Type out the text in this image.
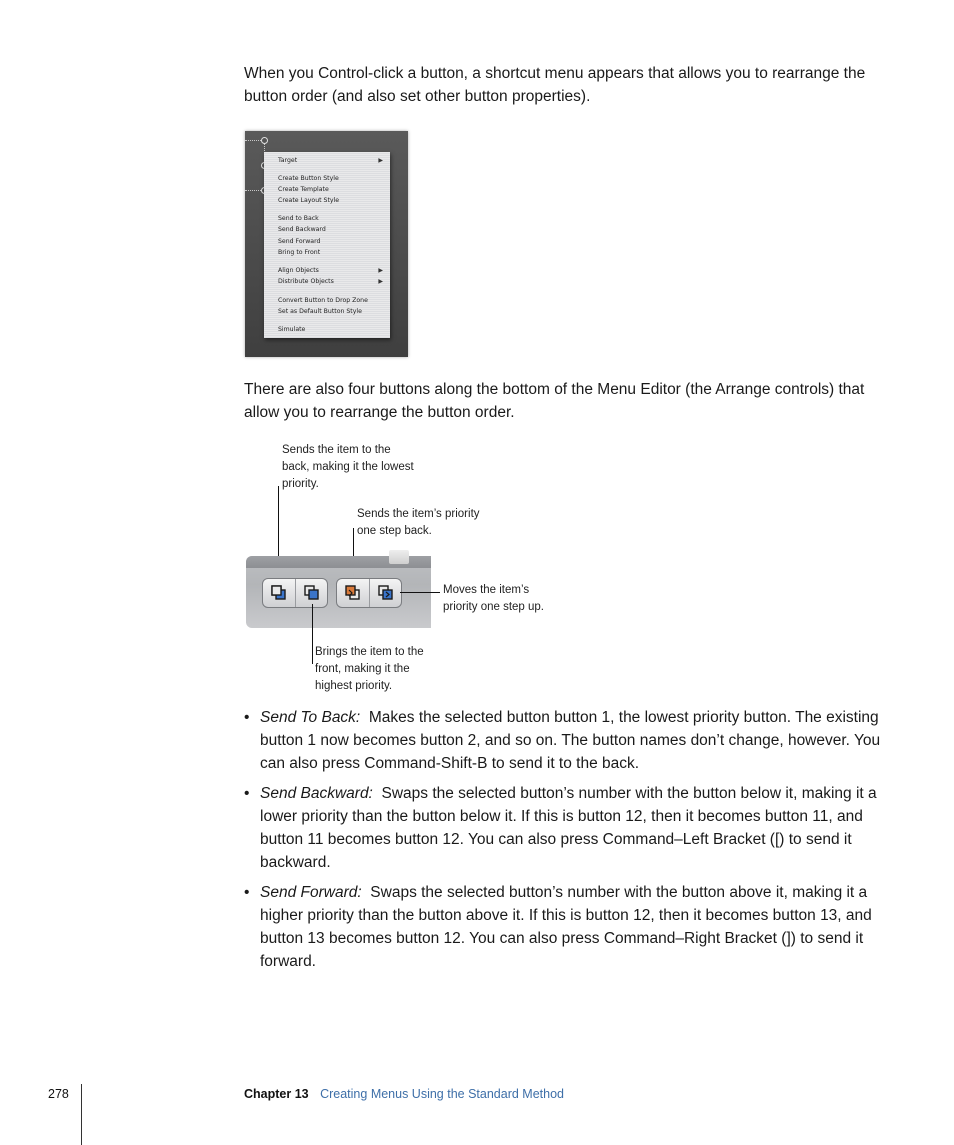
When you Control-click a button, a shortcut menu appears that allows you to rearrange the button order (and also set other button properties).

Target	▶
Create Button Style
Create Template
Create Layout Style
Send to Back
Send Backward
Send Forward
Bring to Front
Align Objects	▶
Distribute Objects	▶
Convert Button to Drop Zone
Set as Default Button Style
Simulate

There are also four buttons along the bottom of the Menu Editor (the Arrange controls) that allow you to rearrange the button order.

Sends the item to the
back, making it the lowest
priority.
Sends the item’s priority
one step back.
Moves the item’s
priority one step up.
Brings the item to the
front, making it the
highest priority.
• Send To Back: Makes the selected button button 1, the lowest priority button. The existing button 1 now becomes button 2, and so on. The button names don’t change, however. You can also press Command-Shift-B to send it to the back.
• Send Backward: Swaps the selected button’s number with the button below it, making it a lower priority than the button below it. If this is button 12, then it becomes button 11, and button 11 becomes button 12. You can also press Command–Left Bracket ([) to send it backward.
• Send Forward: Swaps the selected button’s number with the button above it, making it a higher priority than the button above it. If this is button 12, then it becomes button 13, and button 13 becomes button 12. You can also press Command–Right Bracket (]) to send it forward.
278	Chapter 13 Creating Menus Using the Standard Method
